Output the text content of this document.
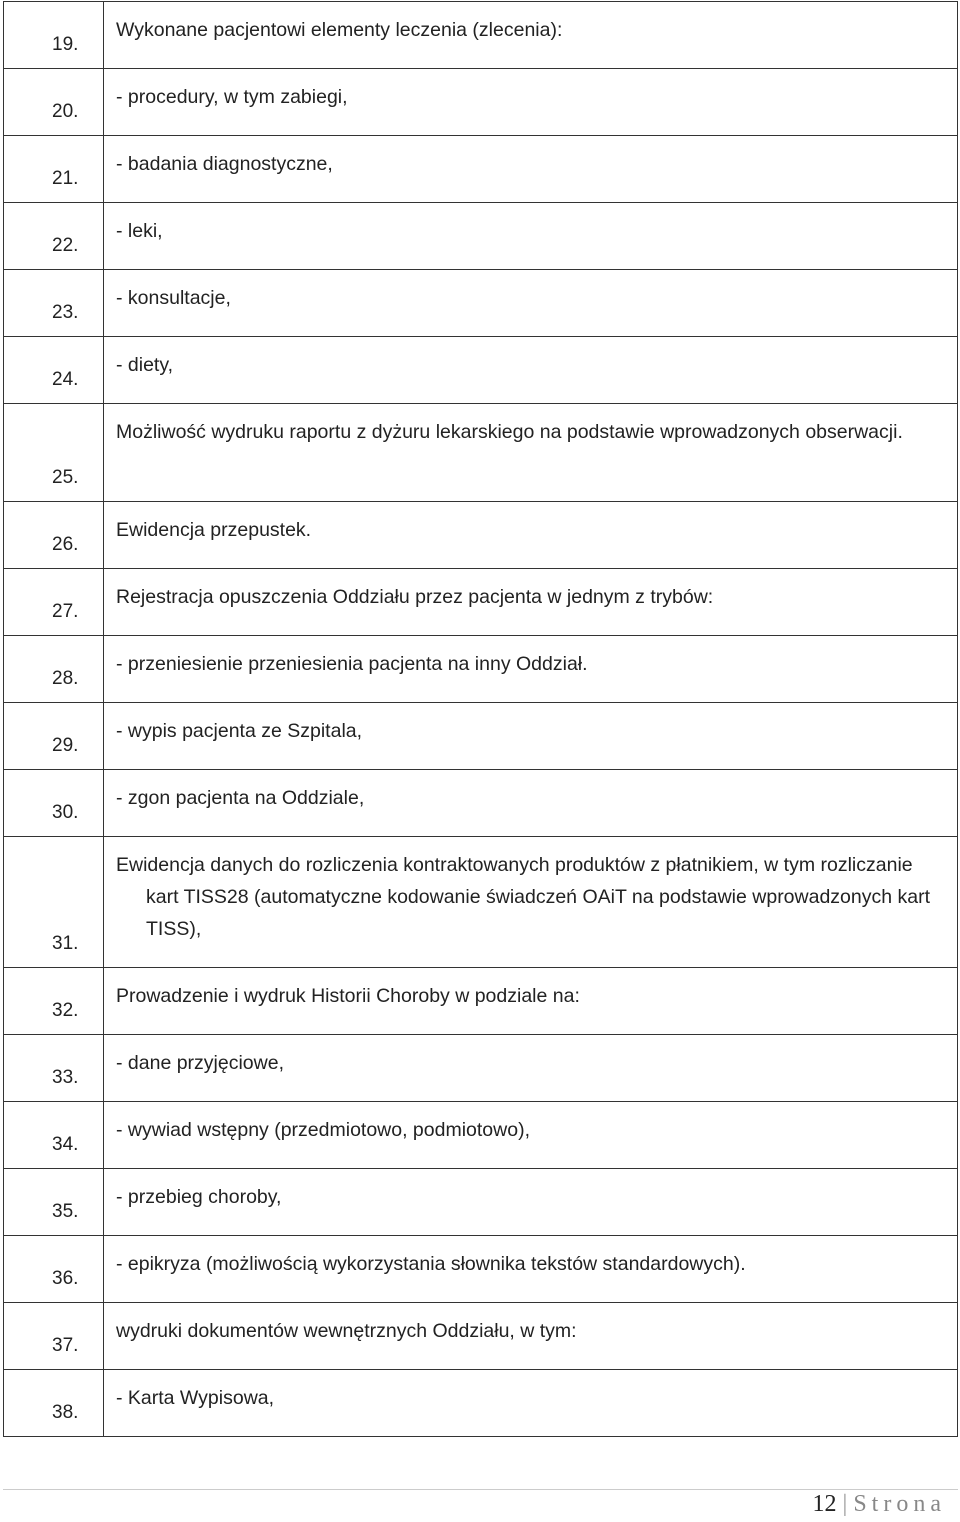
19.	Wykonane pacjentowi elementy leczenia (zlecenia):

20.	- procedury, w tym zabiegi,

21.	- badania diagnostyczne,

22.	- leki,

23.	- konsultacje,

24.	- diety,

25.	Możliwość wydruku raportu z dyżuru lekarskiego na podstawie wprowadzonych obserwacji.

26.	Ewidencja przepustek.

27.	Rejestracja opuszczenia Oddziału przez pacjenta w jednym z trybów:

28.	- przeniesienie przeniesienia pacjenta na inny Oddział.

29.	- wypis pacjenta ze Szpitala,

30.	- zgon pacjenta na Oddziale,

31.	Ewidencja danych do rozliczenia kontraktowanych produktów z płatnikiem, w tym rozliczanie kart TISS28 (automatyczne kodowanie świadczeń OAiT na podstawie wprowadzonych kart TISS),

32.	Prowadzenie i wydruk Historii Choroby w podziale na:

33.	- dane przyjęciowe,

34.	- wywiad wstępny (przedmiotowo, podmiotowo),

35.	- przebieg choroby,

36.	- epikryza (możliwością wykorzystania słownika tekstów standardowych).

37.	wydruki dokumentów wewnętrznych Oddziału, w tym:

38.	- Karta Wypisowa,
12 | Strona
